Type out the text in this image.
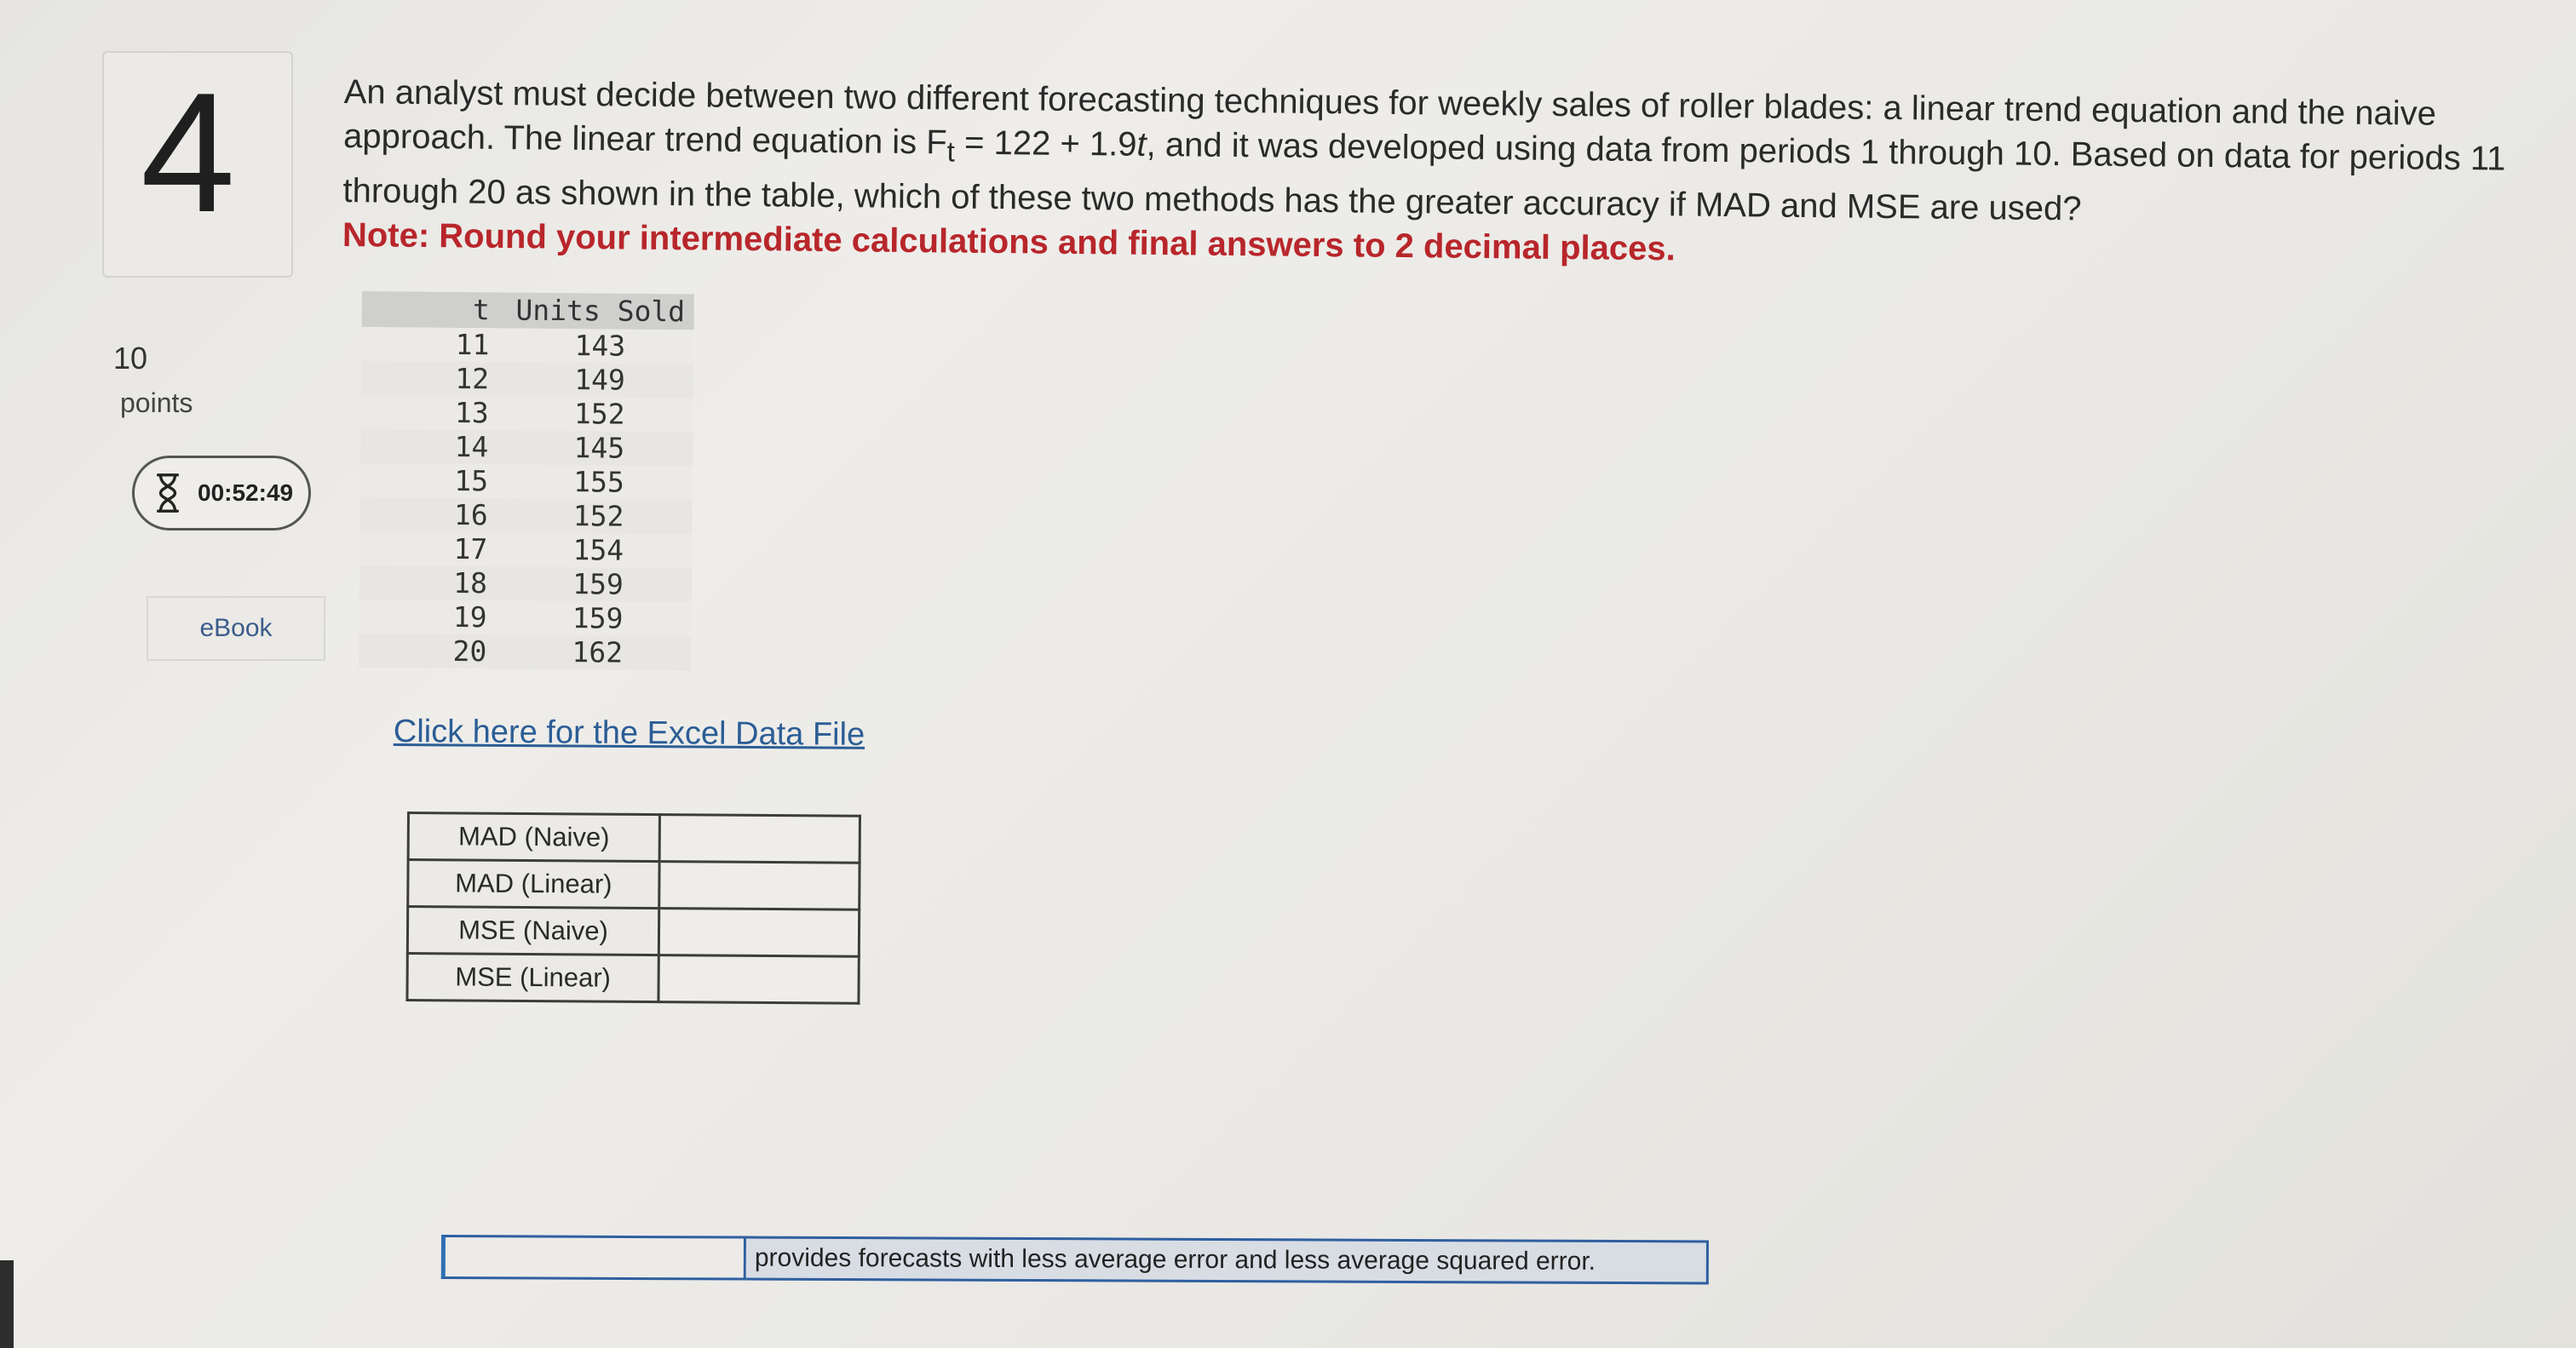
4
10
points
00:52:49
eBook
An analyst must decide between two different forecasting techniques for weekly sales of roller blades: a linear trend equation and the naive approach. The linear trend equation is $F_t = 122 + 1.9t$, and it was developed using data from periods 1 through 10. Based on data for periods 11 through 20 as shown in the table, which of these two methods has the greater accuracy if MAD and MSE are used?
Note: Round your intermediate calculations and final answers to 2 decimal places.
t	Units Sold
11	143
12	149
13	152
14	145
15	155
16	152
17	154
18	159
19	159
20	162
Click here for the Excel Data File
MAD (Naive)	
MAD (Linear)	
MSE (Naive)	
MSE (Linear)	
provides forecasts with less average error and less average squared error.
